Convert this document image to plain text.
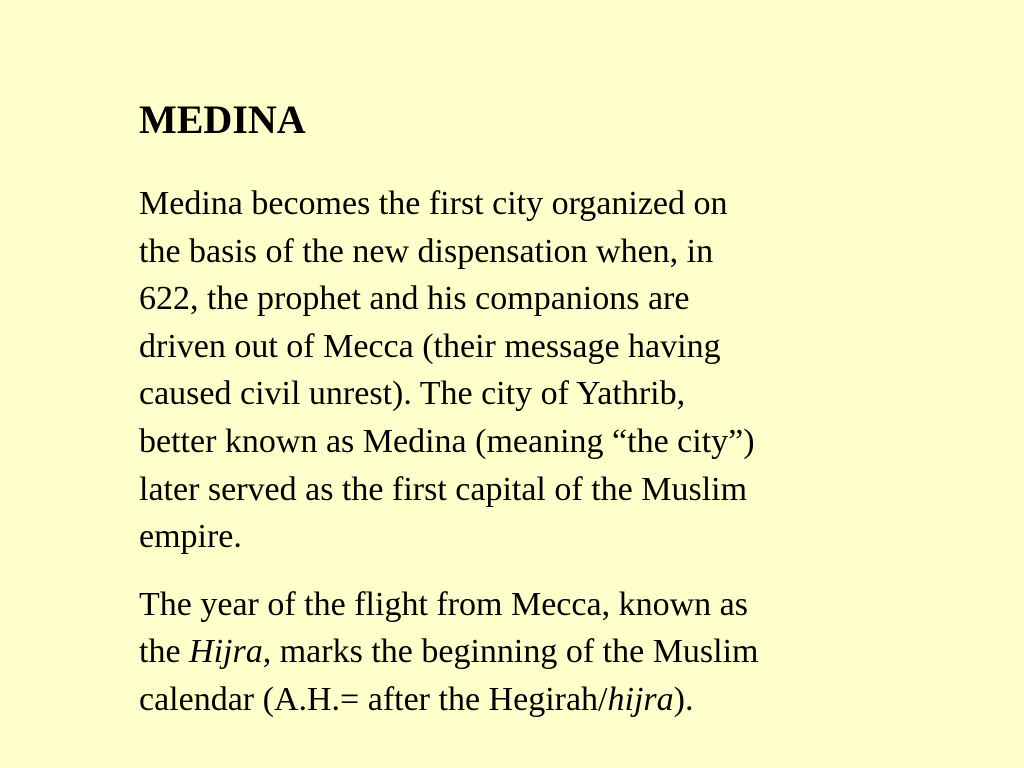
MEDINA

Medina becomes the first city organized on
the basis of the new dispensation when, in
622, the prophet and his companions are
driven out of Mecca (their message having
caused civil unrest). The city of Yathrib,
better known as Medina (meaning “the city”)
later served as the first capital of the Muslim
empire.

The year of the flight from Mecca, known as
the Hijra, marks the beginning of the Muslim
calendar (A.H.= after the Hegirah/hijra).
